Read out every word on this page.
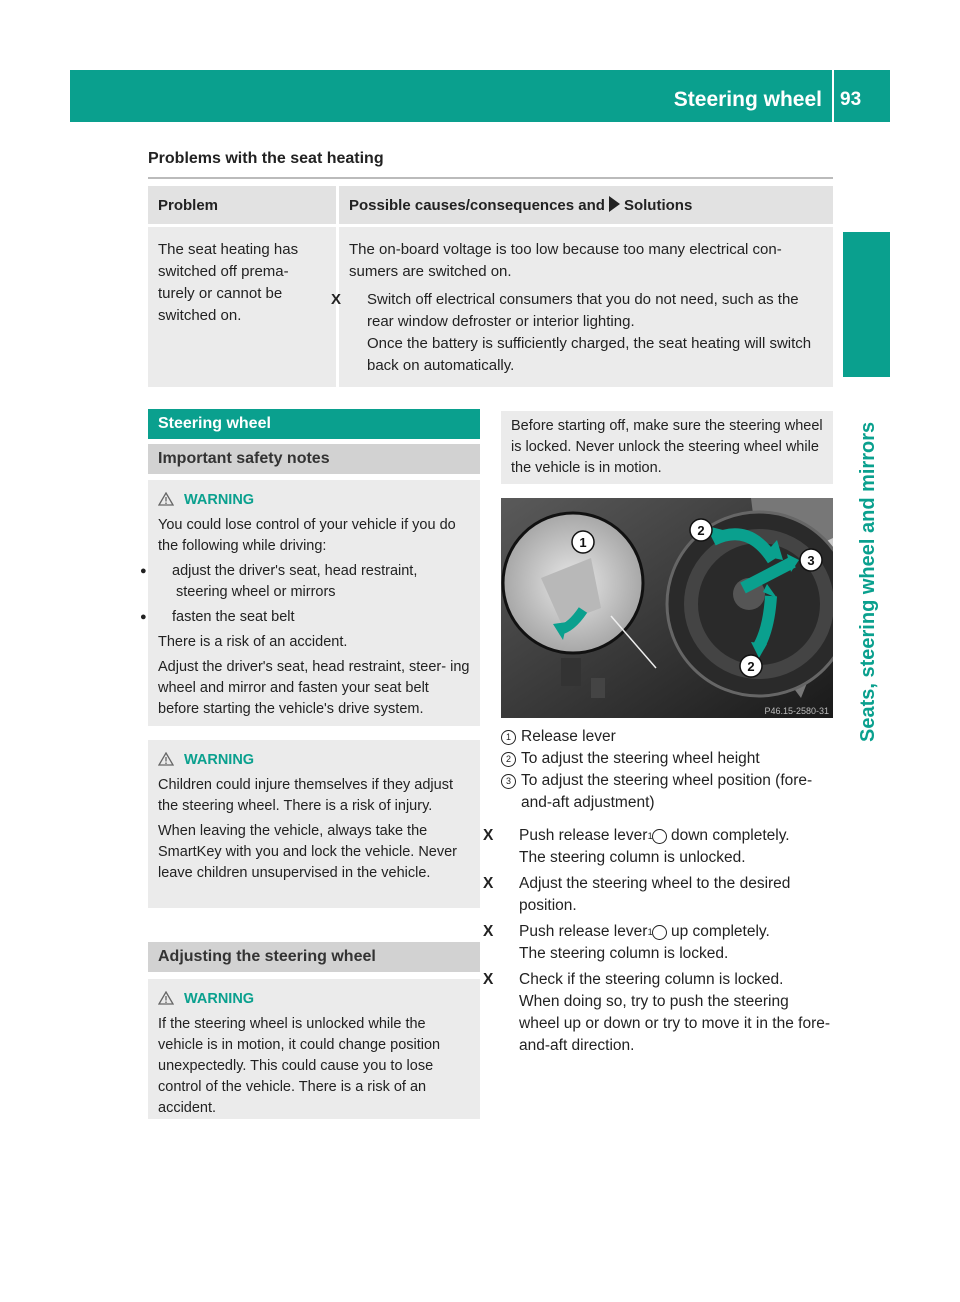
Steering wheel 93
Seats, steering wheel and mirrors
Problems with the seat heating
Problem	Possible causes/consequences and Solutions
The seat heating has switched off prema- turely or cannot be switched on.	The on-board voltage is too low because too many electrical con- sumers are switched on.
X Switch off electrical consumers that you do not need, such as the rear window defroster or interior lighting.
Once the battery is sufficiently charged, the seat heating will switch back on automatically.
Steering wheel
Important safety notes
WARNING

You could lose control of your vehicle if you do the following while driving:

● adjust the driver's seat, head restraint, steering wheel or mirrors
● fasten the seat belt

There is a risk of an accident.

Adjust the driver's seat, head restraint, steer- ing wheel and mirror and fasten your seat belt before starting the vehicle's drive system.

WARNING

Children could injure themselves if they adjust the steering wheel. There is a risk of injury.

When leaving the vehicle, always take the SmartKey with you and lock the vehicle. Never leave children unsupervised in the vehicle.

Adjusting the steering wheel
WARNING

If the steering wheel is unlocked while the vehicle is in motion, it could change position unexpectedly. This could cause you to lose control of the vehicle. There is a risk of an accident.

Before starting off, make sure the steering wheel is locked. Never unlock the steering wheel while the vehicle is in motion.
1
2
3
2
P46.15-2580-31
1 Release lever
2 To adjust the steering wheel height
3 To adjust the steering wheel position (fore-and-aft adjustment)
X Push release lever 1 down completely.
The steering column is unlocked.
X Adjust the steering wheel to the desired position.
X Push release lever 1 up completely.
The steering column is locked.
X Check if the steering column is locked.
When doing so, try to push the steering wheel up or down or try to move it in the fore-and-aft direction.
